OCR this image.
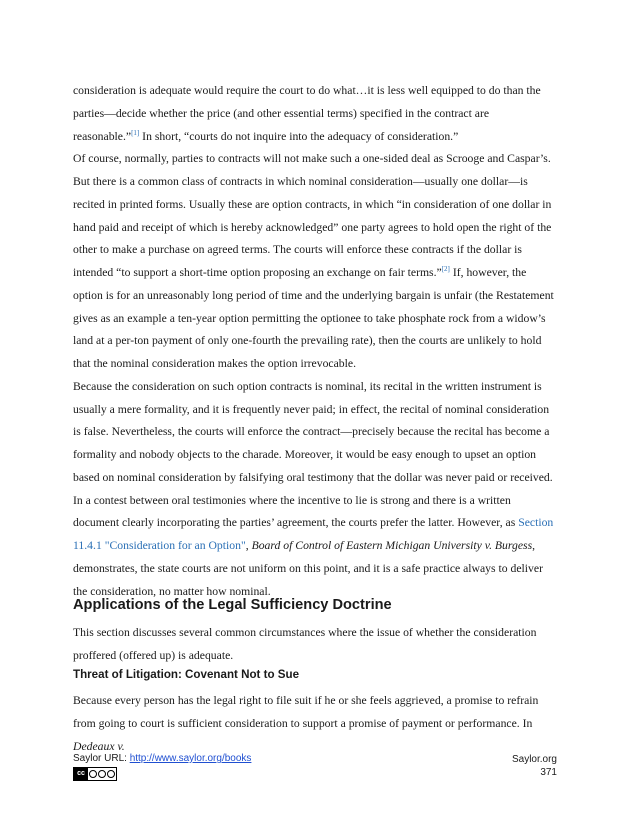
consideration is adequate would require the court to do what…it is less well equipped to do than the parties—decide whether the price (and other essential terms) specified in the contract are reasonable.”[1] In short, “courts do not inquire into the adequacy of consideration.”

Of course, normally, parties to contracts will not make such a one-sided deal as Scrooge and Caspar’s. But there is a common class of contracts in which nominal consideration—usually one dollar—is recited in printed forms. Usually these are option contracts, in which “in consideration of one dollar in hand paid and receipt of which is hereby acknowledged” one party agrees to hold open the right of the other to make a purchase on agreed terms. The courts will enforce these contracts if the dollar is intended “to support a short-time option proposing an exchange on fair terms.”[2] If, however, the option is for an unreasonably long period of time and the underlying bargain is unfair (the Restatement gives as an example a ten-year option permitting the optionee to take phosphate rock from a widow’s land at a per-ton payment of only one-fourth the prevailing rate), then the courts are unlikely to hold that the nominal consideration makes the option irrevocable.

Because the consideration on such option contracts is nominal, its recital in the written instrument is usually a mere formality, and it is frequently never paid; in effect, the recital of nominal consideration is false. Nevertheless, the courts will enforce the contract—precisely because the recital has become a formality and nobody objects to the charade. Moreover, it would be easy enough to upset an option based on nominal consideration by falsifying oral testimony that the dollar was never paid or received. In a contest between oral testimonies where the incentive to lie is strong and there is a written document clearly incorporating the parties’ agreement, the courts prefer the latter. However, as Section 11.4.1 "Consideration for an Option", Board of Control of Eastern Michigan University v. Burgess, demonstrates, the state courts are not uniform on this point, and it is a safe practice always to deliver the consideration, no matter how nominal.

Applications of the Legal Sufficiency Doctrine

This section discusses several common circumstances where the issue of whether the consideration proffered (offered up) is adequate.

Threat of Litigation: Covenant Not to Sue

Because every person has the legal right to file suit if he or she feels aggrieved, a promise to refrain from going to court is sufficient consideration to support a promise of payment or performance. In Dedeaux v.

Saylor URL: http://www.saylor.org/books
cc
Saylor.org
371
